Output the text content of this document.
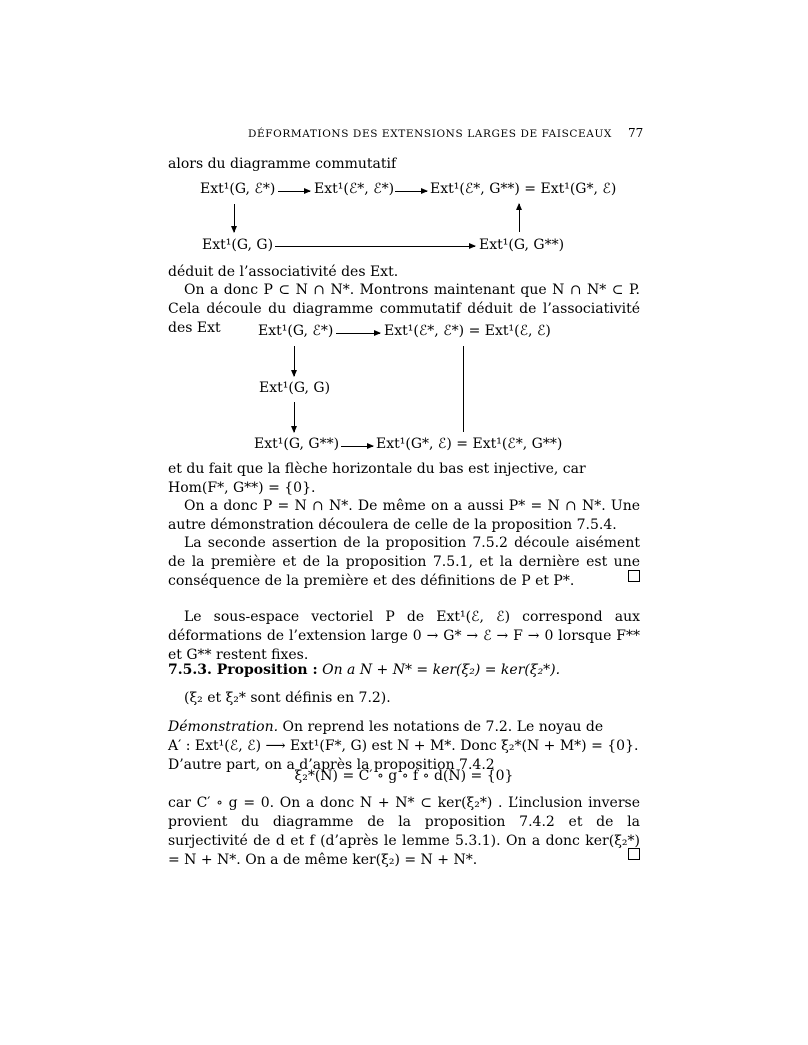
DÉFORMATIONS DES EXTENSIONS LARGES DE FAISCEAUX 77
alors du diagramme commutatif
Ext¹(G, ℰ*)	Ext¹(ℰ*, ℰ*)	Ext¹(ℰ*, G**) = Ext¹(G*, ℰ)
Ext¹(G, G)	Ext¹(G, G**)
déduit de l’associativité des Ext.
On a donc P ⊂ N ∩ N*. Montrons maintenant que N ∩ N* ⊂ P. Cela découle du diagramme commutatif déduit de l’associativité des Ext	Ext¹(G, ℰ*)	Ext¹(ℰ*, ℰ*) = Ext¹(ℰ, ℰ)
Ext¹(G, G)
Ext¹(G, G**)	Ext¹(G*, ℰ) = Ext¹(ℰ*, G**)
et du fait que la flèche horizontale du bas est injective, car
Hom(F*, G**) = {0}.
On a donc P = N ∩ N*. De même on a aussi P* = N ∩ N*. Une autre démonstration découlera de celle de la proposition 7.5.4.
La seconde assertion de la proposition 7.5.2 découle aisément de la première et de la proposition 7.5.1, et la dernière est une conséquence de la première et des définitions de P et P*.
Le sous-espace vectoriel P de Ext¹(ℰ, ℰ) correspond aux déformations de l’extension large 0 → G* → ℰ → F → 0 lorsque F** et G** restent fixes.
7.5.3. Proposition : On a N + N* = ker(ξ₂) = ker(ξ₂*).
(ξ₂ et ξ₂* sont définis en 7.2).

Démonstration. On reprend les notations de 7.2. Le noyau de

A′ : Ext¹(ℰ, ℰ) ⟶ Ext¹(F*, G) est N + M*. Donc ξ₂*(N + M*) = {0}.

D’autre part, on a d’après la proposition 7.4.2

ξ₂*(N) = C′ ∘ g ∘ f ∘ d(N) = {0}
car C′ ∘ g = 0. On a donc N + N* ⊂ ker(ξ₂*) . L’inclusion inverse provient du diagramme de la proposition 7.4.2 et de la surjectivité de d et f (d’après le lemme 5.3.1). On a donc ker(ξ₂*) = N + N*. On a de même ker(ξ₂) = N + N*.
